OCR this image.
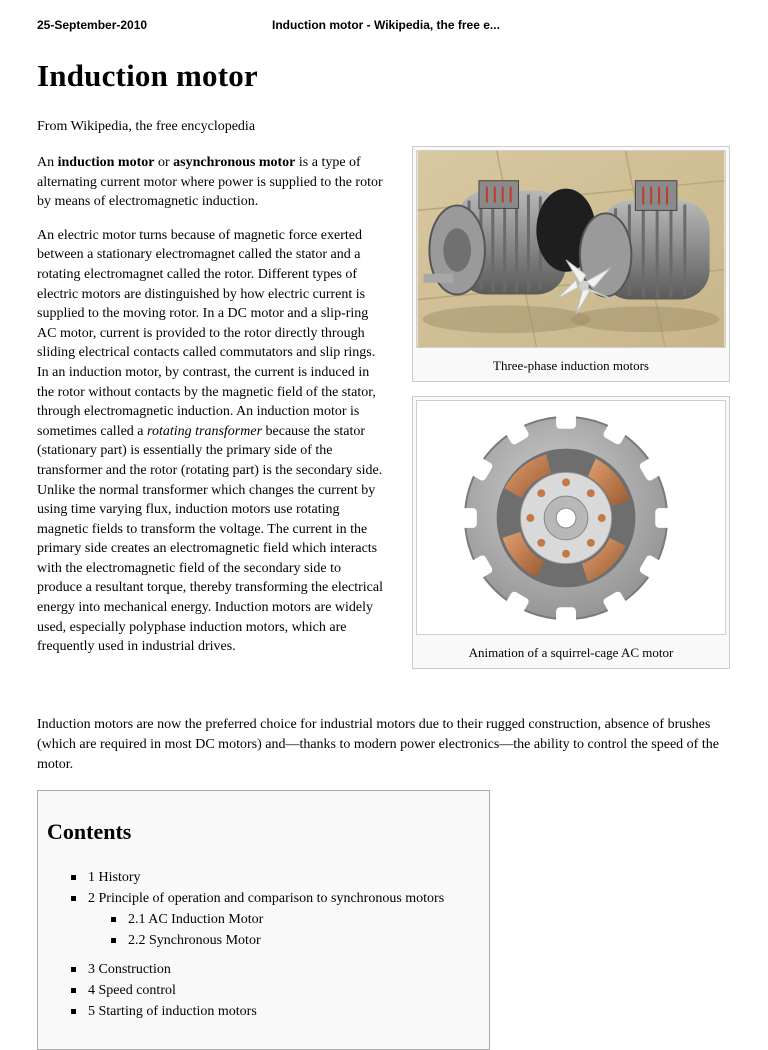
25-September-2010	Induction motor - Wikipedia, the free e...
Induction motor
From Wikipedia, the free encyclopedia

An induction motor or asynchronous motor is a type of alternating current motor where power is supplied to the rotor by means of electromagnetic induction.

An electric motor turns because of magnetic force exerted between a stationary electromagnet called the stator and a rotating electromagnet called the rotor. Different types of electric motors are distinguished by how electric current is supplied to the moving rotor. In a DC motor and a slip-ring AC motor, current is provided to the rotor directly through sliding electrical contacts called commutators and slip rings. In an induction motor, by contrast, the current is induced in the rotor without contacts by the magnetic field of the stator, through electromagnetic induction. An induction motor is sometimes called a rotating transformer because the stator (stationary part) is essentially the primary side of the transformer and the rotor (rotating part) is the secondary side. Unlike the normal transformer which changes the current by using time varying flux, induction motors use rotating magnetic fields to transform the voltage. The current in the primary side creates an electromagnetic field which interacts with the electromagnetic field of the secondary side to produce a resultant torque, thereby transforming the electrical energy into mechanical energy. Induction motors are widely used, especially polyphase induction motors, which are frequently used in industrial drives.

Three-phase induction motors
Animation of a squirrel-cage AC motor

Induction motors are now the preferred choice for industrial motors due to their rugged construction, absence of brushes (which are required in most DC motors) and—thanks to modern power electronics—the ability to control the speed of the motor.

Contents
1 History
2 Principle of operation and comparison to synchronous motors
2.1 AC Induction Motor
2.2 Synchronous Motor
3 Construction
4 Speed control
5 Starting of induction motors
